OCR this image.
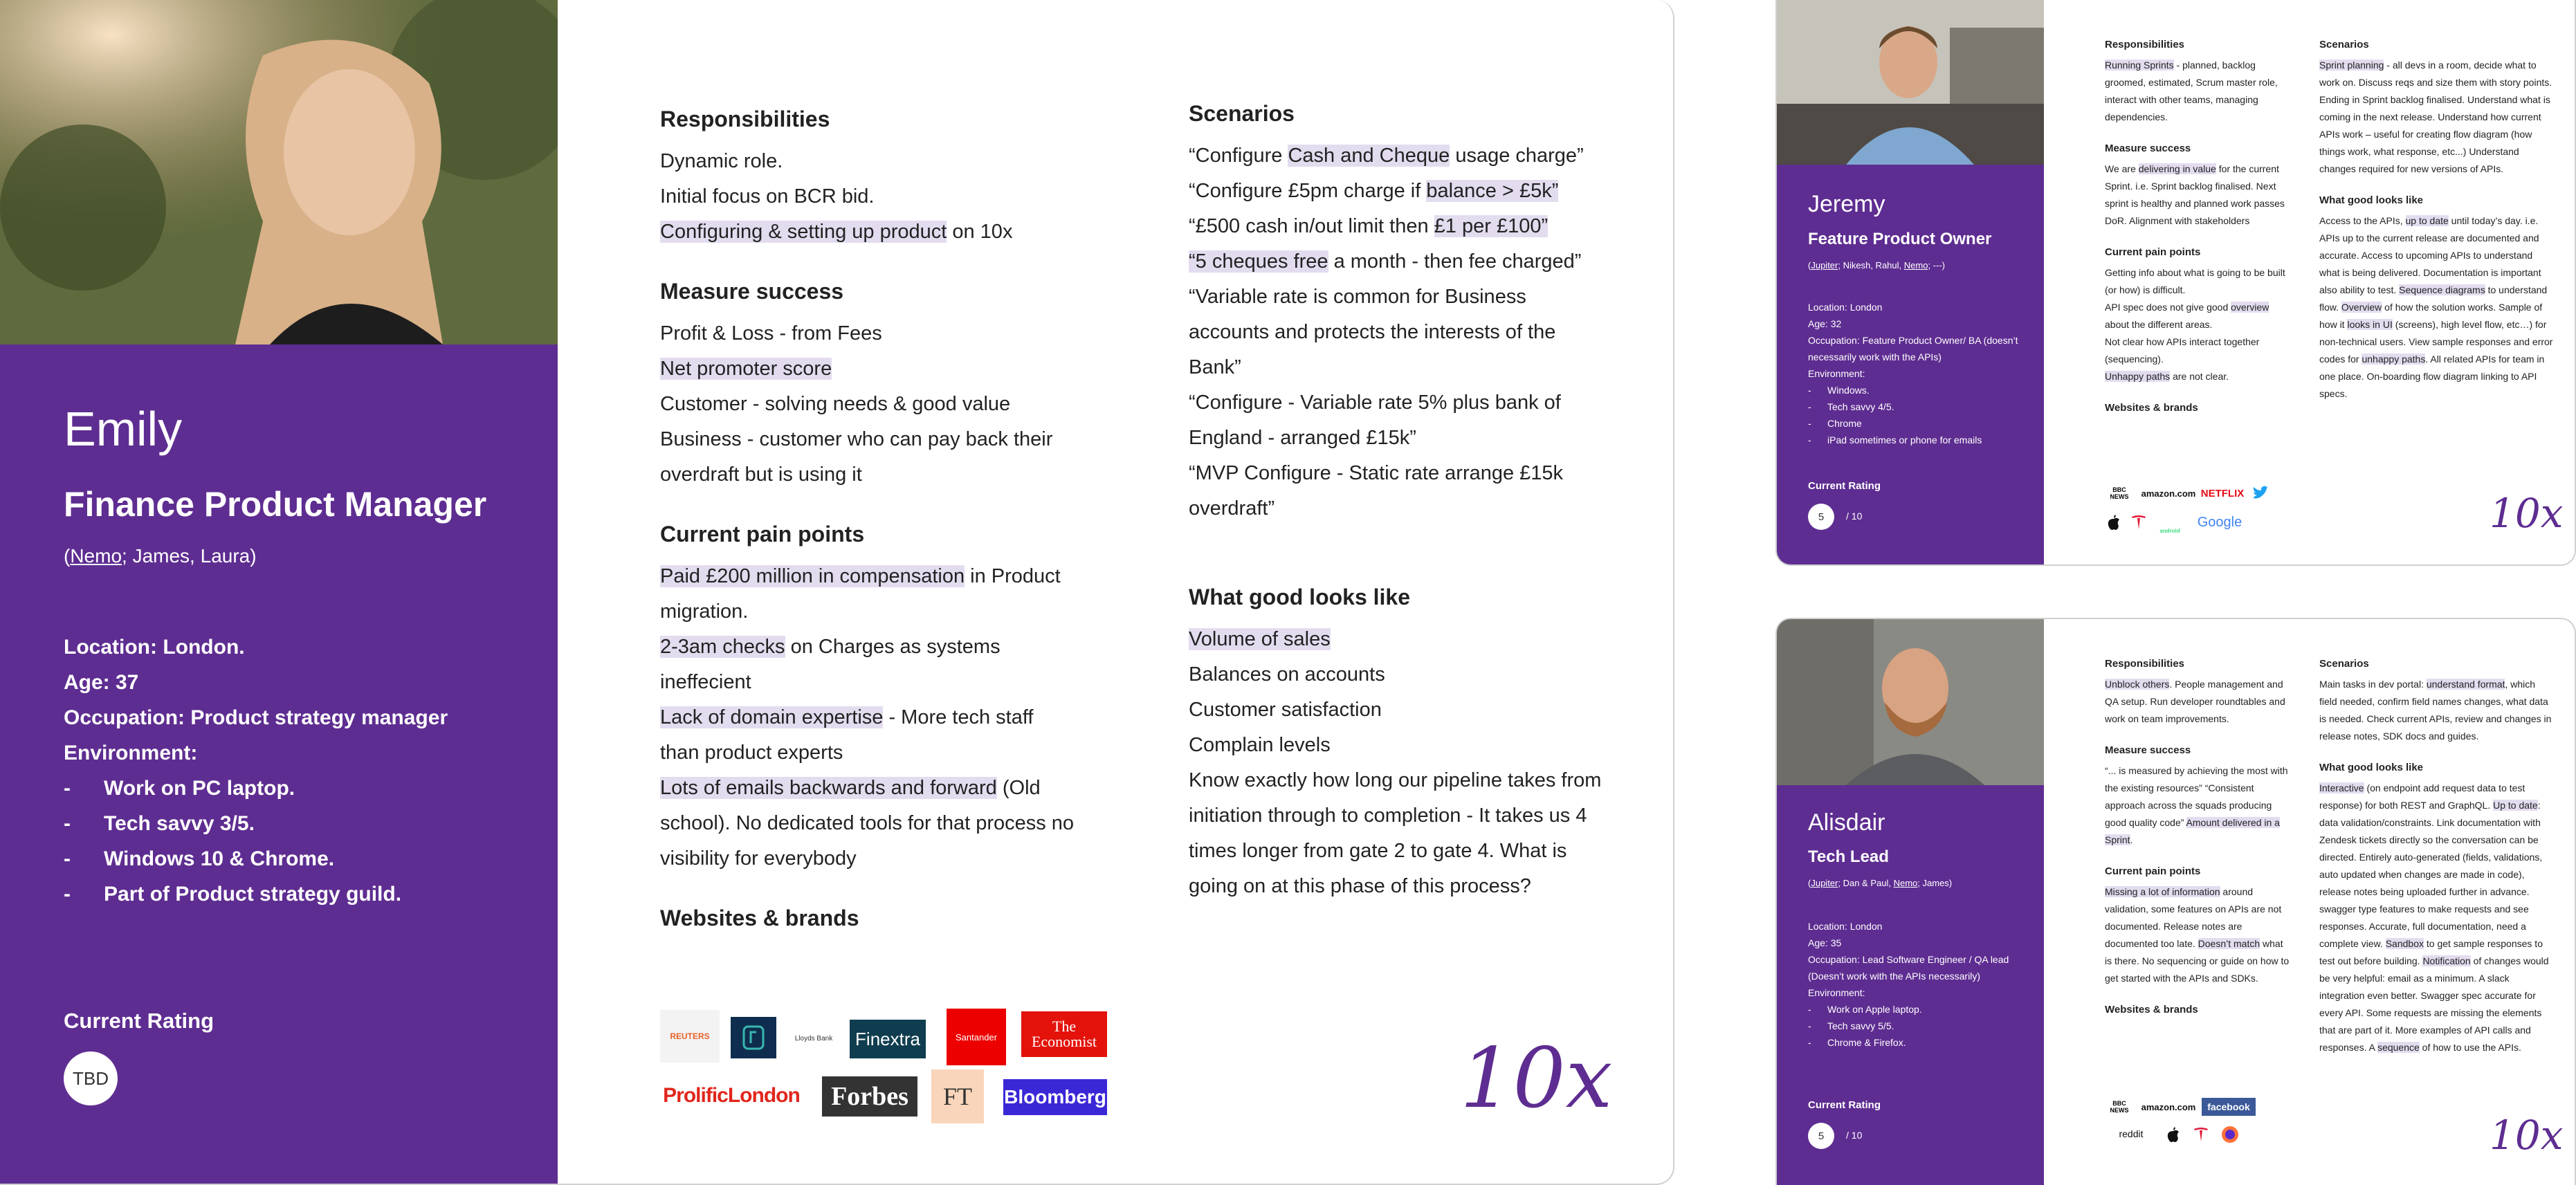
Emily
Finance Product Manager
(Nemo; James, Laura)
Location: London.
Age: 37
Occupation: Product strategy manager
Environment:
- Work on PC laptop.
- Tech savvy 3/5.
- Windows 10 & Chrome.
- Part of Product strategy guild.
Current Rating
TBD
Responsibilities
Dynamic role.
Initial focus on BCR bid.
Configuring & setting up product on 10x
Measure success
Profit & Loss - from Fees
Net promoter score
Customer - solving needs & good value
Business - customer who can pay back their overdraft but is using it
Current pain points
Paid £200 million in compensation in Product migration.
2-3am checks on Charges as systems ineffecient
Lack of domain expertise - More tech staff than product experts
Lots of emails backwards and forward (Old school). No dedicated tools for that process no visibility for everybody
Websites & brands
REUTERS	Lloyds Bank	Finextra	Santander
The Economist
ProlificLondon	Forbes	FT	Bloomberg
Scenarios
“Configure Cash and Cheque usage charge”
“Configure £5pm charge if balance > £5k”
“£500 cash in/out limit then £1 per £100”
“5 cheques free a month - then fee charged”
“Variable rate is common for Business accounts and protects the interests of the Bank”
“Configure - Variable rate 5% plus bank of England - arranged £15k”
“MVP Configure - Static rate arrange £15k overdraft”
What good looks like
Volume of sales
Balances on accounts
Customer satisfaction
Complain levels
Know exactly how long our pipeline takes from initiation through to completion - It takes us 4 times longer from gate 2 to gate 4. What is going on at this phase of this process?
10x
Jeremy
Feature Product Owner
(Jupiter; Nikesh, Rahul, Nemo; ---)
Location: London
Age: 32
Occupation: Feature Product Owner/ BA (doesn’t necessarily work with the APIs)
Environment:
- Windows.
- Tech savvy 4/5.
- Chrome
- iPad sometimes or phone for emails
Current Rating
5	/ 10
Responsibilities
Running Sprints - planned, backlog groomed, estimated, Scrum master role, interact with other teams, managing dependencies.
Measure success
We are delivering in value for the current Sprint. i.e. Sprint backlog finalised. Next sprint is healthy and planned work passes DoR. Alignment with stakeholders
Current pain points
Getting info about what is going to be built (or how) is difficult.
API spec does not give good overview about the different areas.
Not clear how APIs interact together (sequencing).
Unhappy paths are not clear.
Websites & brands
BBC NEWS	amazon.com NETFLIX
android
Google
Scenarios
Sprint planning - all devs in a room, decide what to work on. Discuss reqs and size them with story points. Ending in Sprint backlog finalised. Understand what is coming in the next release. Understand how current APIs work – useful for creating flow diagram (how things work, what response, etc...) Understand changes required for new versions of APIs.
What good looks like
Access to the APIs, up to date until today’s day. i.e. APIs up to the current release are documented and accurate. Access to upcoming APIs to understand what is being delivered. Documentation is important also ability to test. Sequence diagrams to understand flow. Overview of how the solution works. Sample of how it looks in UI (screens), high level flow, etc…) for non-technical users. View sample responses and error codes for unhappy paths. All related APIs for team in one place. On-boarding flow diagram linking to API specs.
10x
Alisdair
Tech Lead
(Jupiter; Dan & Paul, Nemo; James)
Location: London
Age: 35
Occupation: Lead Software Engineer / QA lead (Doesn’t work with the APIs necessarily)
Environment:
- Work on Apple laptop.
- Tech savvy 5/5.
- Chrome & Firefox.
Current Rating
5	/ 10
Responsibilities
Unblock others. People management and QA setup. Run developer roundtables and work on team improvements.
Measure success
“... is measured by achieving the most with the existing resources” “Consistent approach across the squads producing good quality code” Amount delivered in a Sprint.
Current pain points
Missing a lot of information around validation, some features on APIs are not documented. Release notes are documented too late. Doesn’t match what is there. No sequencing or guide on how to get started with the APIs and SDKs.
Websites & brands
BBC NEWS	amazon.com	facebook
reddit
Scenarios
Main tasks in dev portal: understand format, which field needed, confirm field names changes, what data is needed. Check current APIs, review and changes in release notes, SDK docs and guides.
What good looks like
Interactive (on endpoint add request data to test response) for both REST and GraphQL. Up to date: data validation/constraints. Link documentation with Zendesk tickets directly so the conversation can be directed. Entirely auto-generated (fields, validations, auto updated when changes are made in code), release notes being uploaded further in advance. swagger type features to make requests and see responses. Accurate, full documentation, need a complete view. Sandbox to get sample responses to test out before building. Notification of changes would be very helpful: email as a minimum. A slack integration even better. Swagger spec accurate for every API. Some requests are missing the elements that are part of it. More examples of API calls and responses. A sequence of how to use the APIs.
10x
